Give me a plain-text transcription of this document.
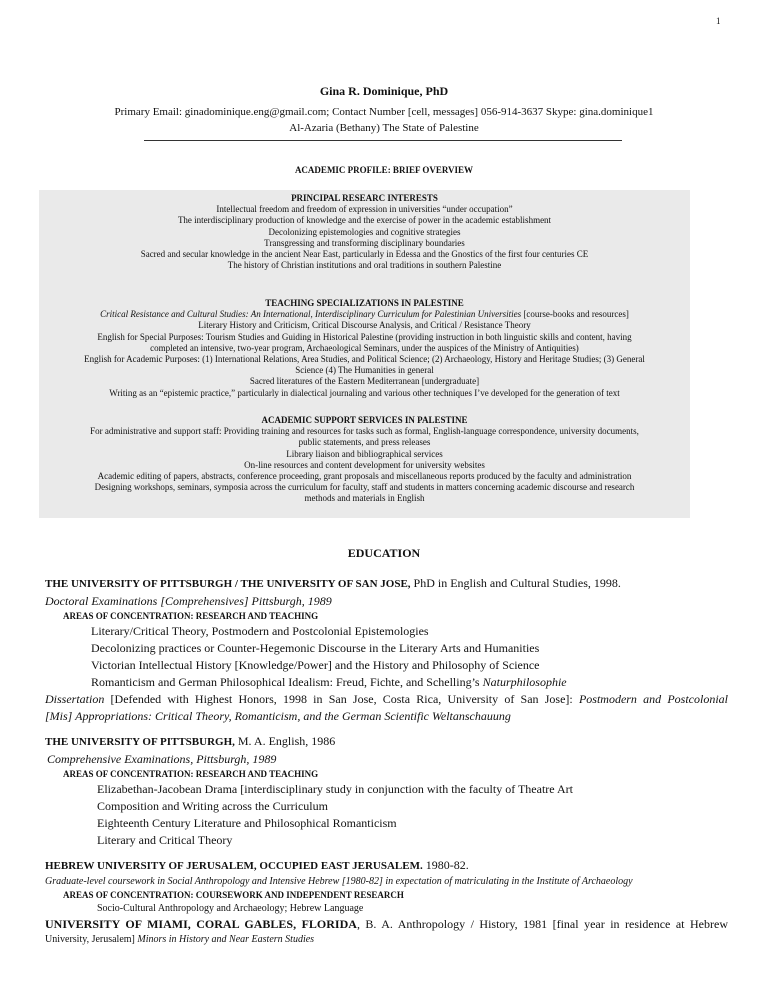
1
Gina R. Dominique, PhD
Primary Email: ginadominique.eng@gmail.com; Contact Number [cell, messages] 056-914-3637 Skype: gina.dominique1
Al-Azaria (Bethany) The State of Palestine
ACADEMIC PROFILE: BRIEF OVERVIEW
PRINCIPAL RESEARC INTERESTS
Intellectual freedom and freedom of expression in universities “under occupation”
The interdisciplinary production of knowledge and the exercise of power in the academic establishment
Decolonizing epistemologies and cognitive strategies
Transgressing and transforming disciplinary boundaries
Sacred and secular knowledge in the ancient Near East, particularly in Edessa and the Gnostics of the first four centuries CE
The history of Christian institutions and oral traditions in southern Palestine
TEACHING SPECIALIZATIONS IN PALESTINE
Critical Resistance and Cultural Studies: An International, Interdisciplinary Curriculum for Palestinian Universities [course-books and resources]
Literary History and Criticism, Critical Discourse Analysis, and Critical / Resistance Theory
English for Special Purposes: Tourism Studies and Guiding in Historical Palestine (providing instruction in both linguistic skills and content, having
completed an intensive, two-year program, Archaeological Seminars, under the auspices of the Ministry of Antiquities)
English for Academic Purposes: (1) International Relations, Area Studies, and Political Science; (2) Archaeology, History and Heritage Studies; (3) General
Science (4) The Humanities in general
Sacred literatures of the Eastern Mediterranean [undergraduate]
Writing as an “epistemic practice,” particularly in dialectical journaling and various other techniques I’ve developed for the generation of text
ACADEMIC SUPPORT SERVICES IN PALESTINE
For administrative and support staff: Providing training and resources for tasks such as formal, English-language correspondence, university documents,
public statements, and press releases
Library liaison and bibliographical services
On-line resources and content development for university websites
Academic editing of papers, abstracts, conference proceeding, grant proposals and miscellaneous reports produced by the faculty and administration
Designing workshops, seminars, symposia across the curriculum for faculty, staff and students in matters concerning academic discourse and research
methods and materials in English
EDUCATION
THE UNIVERSITY OF PITTSBURGH / THE UNIVERSITY OF SAN JOSE, PhD in English and Cultural Studies, 1998.
Doctoral Examinations [Comprehensives] Pittsburgh, 1989
AREAS OF CONCENTRATION: RESEARCH AND TEACHING
Literary/Critical Theory, Postmodern and Postcolonial Epistemologies
Decolonizing practices or Counter-Hegemonic Discourse in the Literary Arts and Humanities
Victorian Intellectual History [Knowledge/Power] and the History and Philosophy of Science
Romanticism and German Philosophical Idealism: Freud, Fichte, and Schelling’s Naturphilosophie
Dissertation [Defended with Highest Honors, 1998 in San Jose, Costa Rica, University of San Jose]: Postmodern and Postcolonial
[Mis] Appropriations: Critical Theory, Romanticism, and the German Scientific Weltanschauung
THE UNIVERSITY OF PITTSBURGH, M. A. English, 1986
Comprehensive Examinations, Pittsburgh, 1989
AREAS OF CONCENTRATION: RESEARCH AND TEACHING
Elizabethan-Jacobean Drama [interdisciplinary study in conjunction with the faculty of Theatre Art
Composition and Writing across the Curriculum
Eighteenth Century Literature and Philosophical Romanticism
Literary and Critical Theory
HEBREW UNIVERSITY OF JERUSALEM, OCCUPIED EAST JERUSALEM. 1980-82.
Graduate-level coursework in Social Anthropology and Intensive Hebrew [1980-82] in expectation of matriculating in the Institute of Archaeology
AREAS OF CONCENTRATION: COURSEWORK AND INDEPENDENT RESEARCH
Socio-Cultural Anthropology and Archaeology; Hebrew Language
UNIVERSITY OF MIAMI, CORAL GABLES, FLORIDA, B. A. Anthropology / History, 1981 [final year in residence at Hebrew
University, Jerusalem] Minors in History and Near Eastern Studies
